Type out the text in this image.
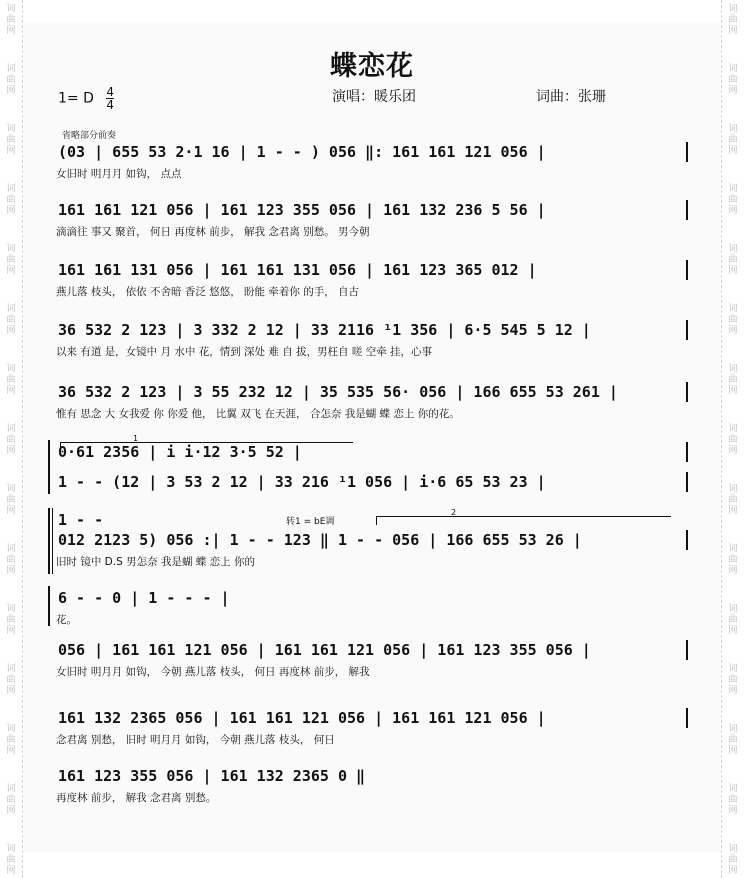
词
曲
网
词
曲
网
词
曲
网
词
曲
网
词
曲
网
词
曲
网
词
曲
网
词
曲
网
词
曲
网
词
曲
网
词
曲
网
词
曲
网
词
曲
网
词
曲
网
词
曲
网
词
曲
网
词
曲
网
词
曲
网
词
曲
网
词
曲
网
词
曲
网
词
曲
网
词
曲
网
词
曲
网
词
曲
网
词
曲
网
词
曲
网
词
曲
网
词
曲
网
词
曲
网
蝶恋花
1= D $\frac{4}{4}$	演唱：暖乐团	词曲：张珊
省略部分前奏
(03 | 655 53 2·1 16 | 1 - - ) 056 ‖: 161 161 121 056 |
女旧时 明月月 如钩， 点点
161 161 121 056 | 161 123 355 056 | 161 132 236 5 56 |
滴滴往 事又 聚首， 何日 再度林 前步， 解我 念君离 别愁。 男今朝
161 161 131 056 | 161 161 131 056 | 161 123 365 012 |
燕儿落 枝头， 依依 不舍暗 香泛 悠悠， 盼能 牵着你 的手， 自古
36 532 2 123 | 3 332 2 12 | 33 2116 ¹1 356 | 6·5 545 5 12 |
以来 有道 是，女镜中 月 水中 花，情到 深处 难 自 拔，男枉自 嗟 空牵 挂，心事
36 532 2 123 | 3 55 232 12 | 35 535 56· 056 | 166 655 53 261 |
惟有 思念 大 女我爱 你 你爱 他， 比翼 双飞 在天涯， 合怎奈 我是蝴 蝶 恋上 你的花。
1
0·61 2356 | i i·12 3·5 52 |
1 - - (12 | 3 53 2 12 | 33 216 ¹1 056 | i·6 65 53 23 |
1 - -	转1 = bE调
2
012 2123 5) 056 :| 1 - - 123 ‖ 1 - - 056 | 166 655 53 26 |
旧时 镜中 D.S 男怎奈 我是蝴 蝶 恋上 你的
6 - - 0 | 1 - - - |
花。
056 | 161 161 121 056 | 161 161 121 056 | 161 123 355 056 |
女旧时 明月月 如钩， 今朝 燕儿落 枝头， 何日 再度林 前步， 解我
161 132 2365 056 | 161 161 121 056 | 161 161 121 056 |
念君离 别愁， 旧时 明月月 如钩， 今朝 燕儿落 枝头， 何日
161 123 355 056 | 161 132 2365 0 ‖
再度林 前步， 解我 念君离 别愁。
